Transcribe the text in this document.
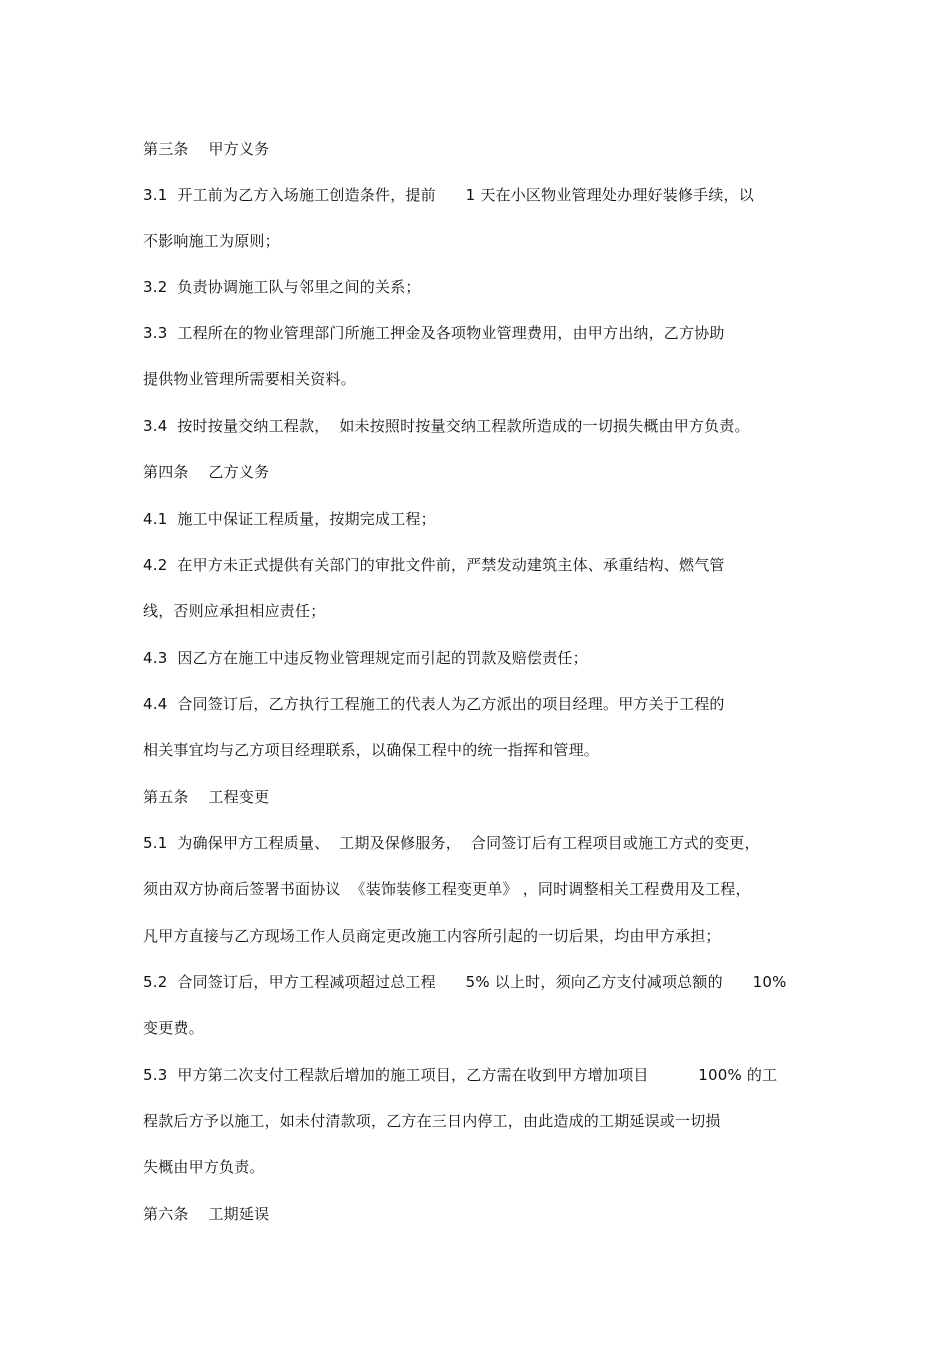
第三条    甲方义务

3.1  开工前为乙方入场施工创造条件，提前      1 天在小区物业管理处办理好装修手续，以

不影响施工为原则；

3.2  负责协调施工队与邻里之间的关系；

3.3  工程所在的物业管理部门所施工押金及各项物业管理费用，由甲方出纳，乙方协助

提供物业管理所需要相关资料。

3.4  按时按量交纳工程款，  如未按照时按量交纳工程款所造成的一切损失概由甲方负责。

第四条    乙方义务

4.1  施工中保证工程质量，按期完成工程；

4.2  在甲方未正式提供有关部门的审批文件前，严禁发动建筑主体、承重结构、燃气管

线，否则应承担相应责任；

4.3  因乙方在施工中违反物业管理规定而引起的罚款及赔偿责任；

4.4  合同签订后，乙方执行工程施工的代表人为乙方派出的项目经理。甲方关于工程的

相关事宜均与乙方项目经理联系，以确保工程中的统一指挥和管理。

第五条    工程变更

5.1  为确保甲方工程质量、  工期及保修服务，  合同签订后有工程项目或施工方式的变更，

须由双方协商后签署书面协议  《装饰装修工程变更单》 ，同时调整相关工程费用及工程，

凡甲方直接与乙方现场工作人员商定更改施工内容所引起的一切后果，均由甲方承担；

5.2  合同签订后，甲方工程减项超过总工程      5% 以上时，须向乙方支付减项总额的      10%

变更费。

5.3  甲方第二次支付工程款后增加的施工项目，乙方需在收到甲方增加项目          100% 的工

程款后方予以施工，如未付清款项，乙方在三日内停工，由此造成的工期延误或一切损

失概由甲方负责。

第六条    工期延误
